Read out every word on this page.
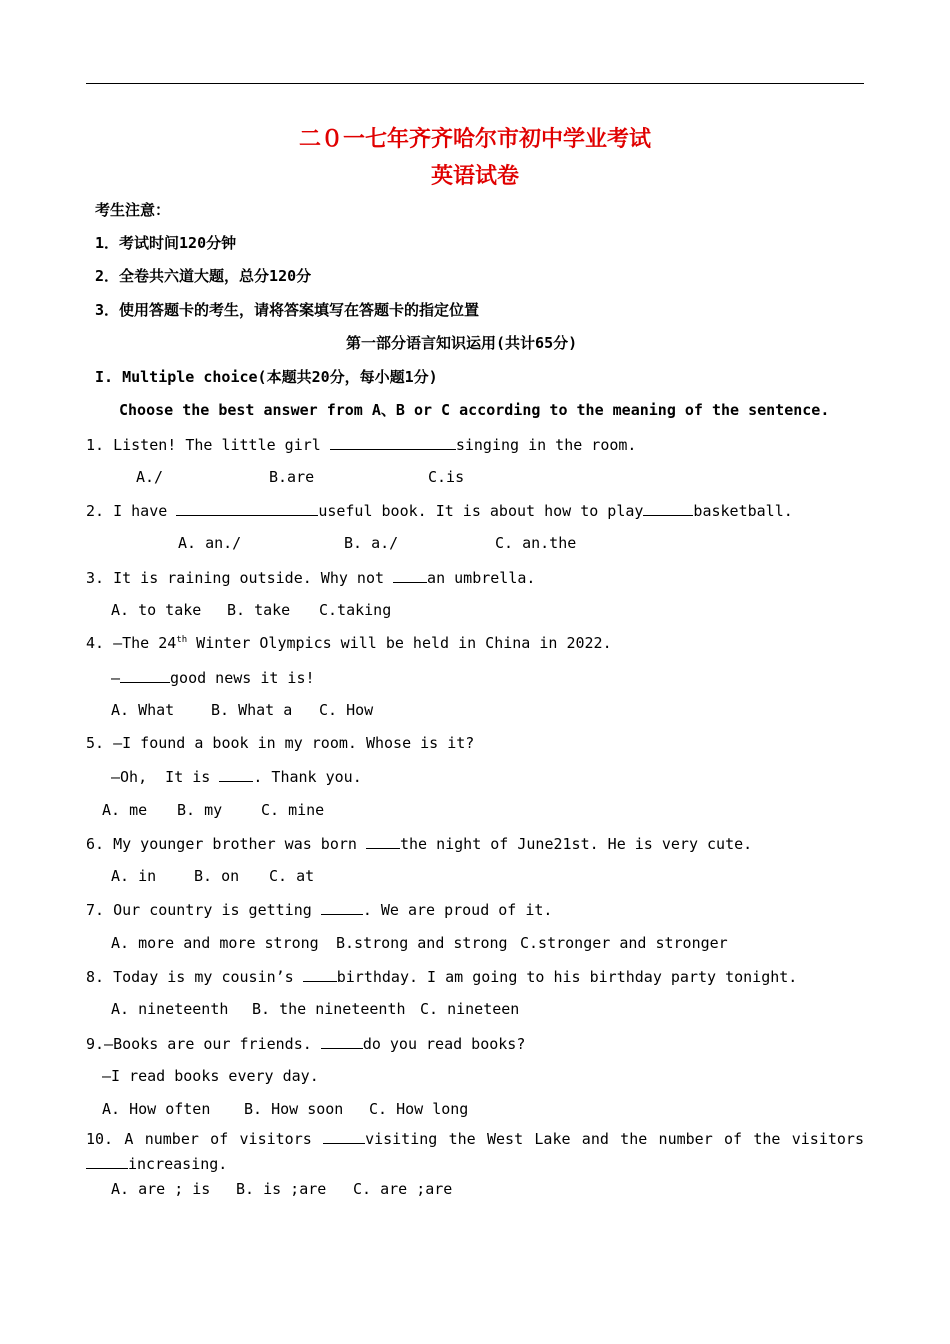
二０一七年齐齐哈尔市初中学业考试
英语试卷
考生注意：
1．考试时间120分钟
2．全卷共六道大题，总分120分
3．使用答题卡的考生，请将答案填写在答题卡的指定位置
第一部分语言知识运用(共计65分)
I. Multiple choice(本题共20分，每小题1分)
Choose the best answer from A、B or C according to the meaning of the sentence.
1. Listen! The little girl	singing in the room.
A./	B.are	C.is
2. I have	useful book. It is about how to play	basketball.
A. an./	B. a./	C. an.the
3. It is raining outside. Why not an umbrella.
A. to take B. take C.taking
4. —The 24th Winter Olympics will be held in China in 2022.
—	good news it is!
A. What B. What a C. How
5. —I found a book in my room. Whose is it?
—Oh,  It is . Thank you.
A. me B. my	C. mine
6. My younger brother was born the night of June21st. He is very cute.
A. in	B. on C. at
7. Our country is getting	. We are proud of it.
A. more and more strong B.strong and strong C.stronger and stronger
8. Today is my cousin’s birthday. I am going to his birthday party tonight.
A. nineteenth B. the nineteenth C. nineteen
9.—Books are our friends.	do you read books?
—I read books every day.
A. How often B. How soon C. How long
10. A number of visitors	visiting the West Lake and the number of the visitors
increasing.
A. are ; is B. is ;are C. are ;are
